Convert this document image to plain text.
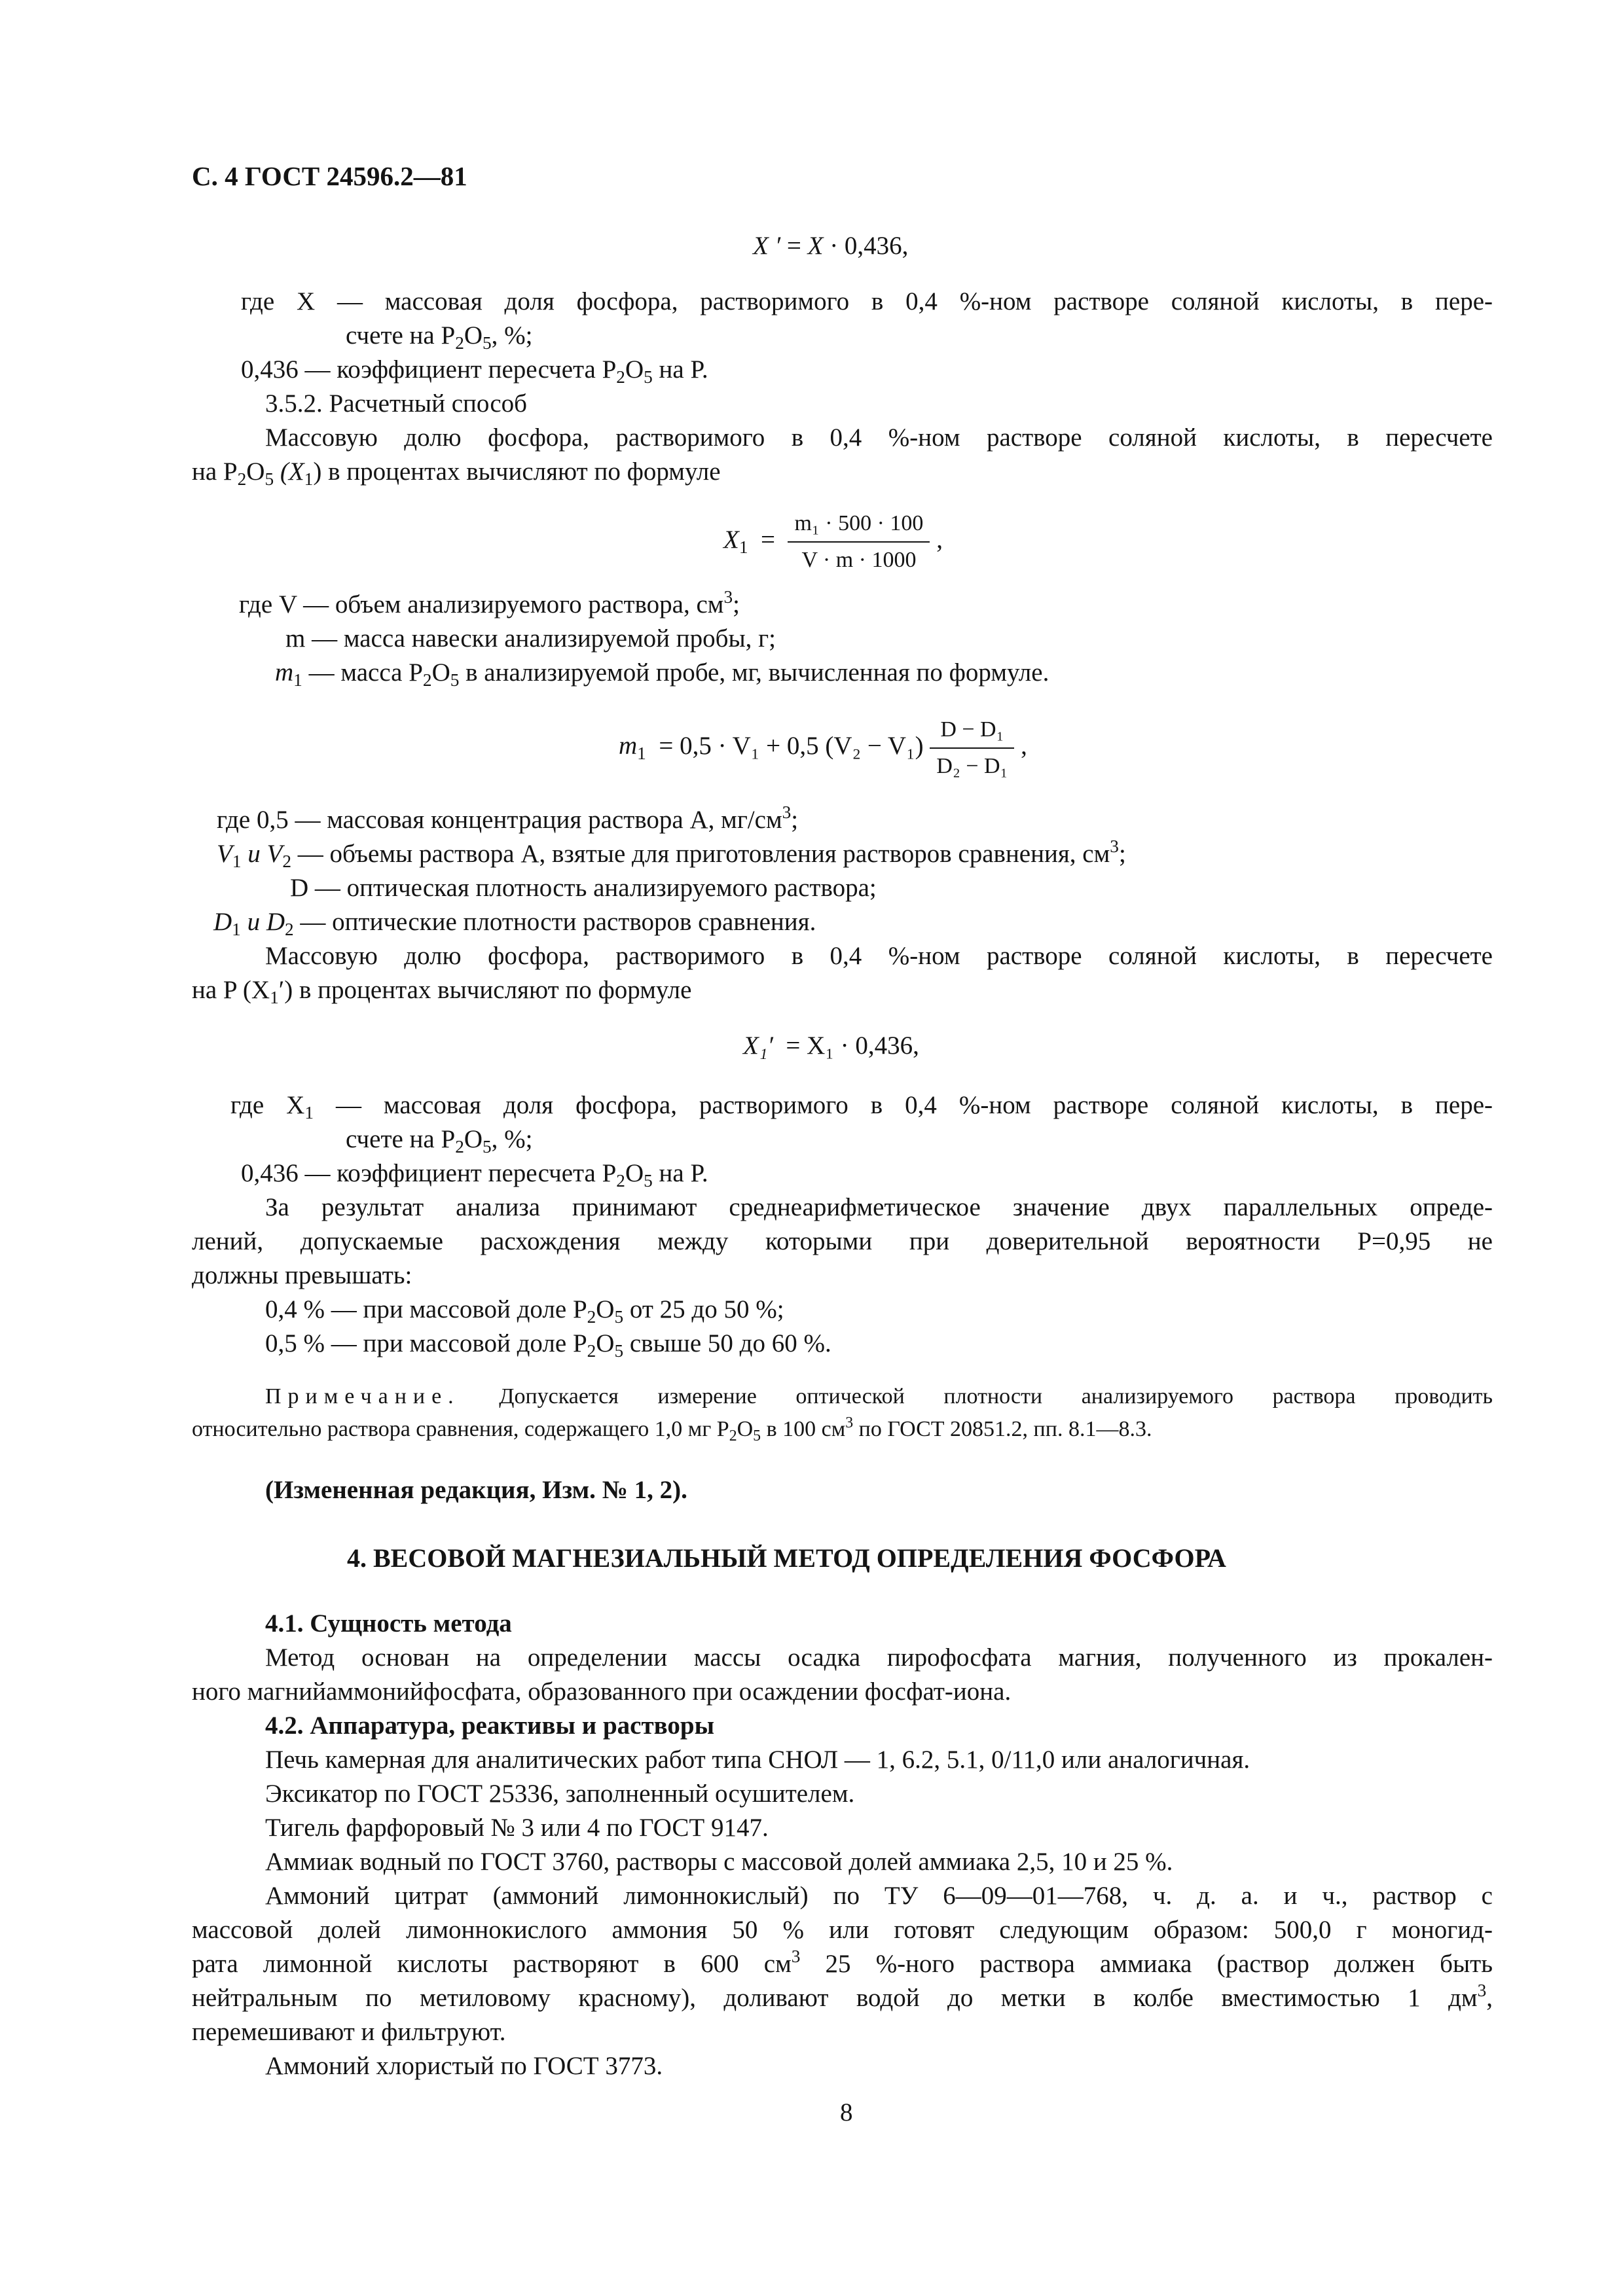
С. 4 ГОСТ 24596.2—81
X ′ = X · 0,436,
где X — массовая доля фосфора, растворимого в 0,4 %-ном растворе соляной кислоты, в пере-
счете на $P_2O_5$, %;
0,436 — коэффициент пересчета $P_2O_5$ на P.
3.5.2. Расчетный способ
Массовую долю фосфора, растворимого в 0,4 %-ном растворе соляной кислоты, в пересчете
на $P_2O_5$ $(X_1)$ в процентах вычисляют по формуле
$X_1 = \frac{\text{m₁ · 500 · 100}}{V \cdot m \cdot 1000}$ ,
где V — объем анализируемого раствора, $см^3$;
m — масса навески анализируемой пробы, г;
$m_1$ — масса $P_2O_5$ в анализируемой пробе, мг, вычисленная по формуле.
$m_1 = 0,5 \cdot V_1 + 0,5$ $(V_2 - V_1) \frac{\text{D − D₁}}{\text{D₂ − D₁}}$ ,
где 0,5 — массовая концентрация раствора А, $мг/см^3$;
$V_1$ и $V_2$ — объемы раствора А, взятые для приготовления растворов сравнения, $см^3$;
D — оптическая плотность анализируемого раствора;
$D_1$ и $D_2$ — оптические плотности растворов сравнения.
Массовую долю фосфора, растворимого в 0,4 %-ном растворе соляной кислоты, в пересчете
на P $(X_1')$ в процентах вычисляют по формуле
X₁′ = X₁ · 0,436,
где $X_1$ — массовая доля фосфора, растворимого в 0,4 %-ном растворе соляной кислоты, в пере-
счете на $P_2O_5$, %;
0,436 — коэффициент пересчета $P_2O_5$ на P.
За результат анализа принимают среднеарифметическое значение двух параллельных опреде-
лений, допускаемые расхождения между которыми при доверительной вероятности P=0,95 не
должны превышать:
0,4 % — при массовой доле $P_2O_5$ от 25 до 50 %;
0,5 % — при массовой доле $P_2O_5$ свыше 50 до 60 %.
Примечание. Допускается измерение оптической плотности анализируемого раствора проводить
относительно раствора сравнения, содержащего 1,0 мг $P_2O_5$ в 100 $см^3$ по ГОСТ 20851.2, пп. 8.1—8.3.
(Измененная редакция, Изм. № 1, 2).
4. ВЕСОВОЙ МАГНЕЗИАЛЬНЫЙ МЕТОД ОПРЕДЕЛЕНИЯ ФОСФОРА
4.1. Сущность метода
Метод основан на определении массы осадка пирофосфата магния, полученного из прокален-
ного магнийаммонийфосфата, образованного при осаждении фосфат-иона.
4.2. Аппаратура, реактивы и растворы
Печь камерная для аналитических работ типа СНОЛ — 1, 6.2, 5.1, 0/11,0 или аналогичная.
Эксикатор по ГОСТ 25336, заполненный осушителем.
Тигель фарфоровый № 3 или 4 по ГОСТ 9147.
Аммиак водный по ГОСТ 3760, растворы с массовой долей аммиака 2,5, 10 и 25 %.
Аммоний цитрат (аммоний лимоннокислый) по ТУ 6—09—01—768, ч. д. а. и ч., раствор с
массовой долей лимоннокислого аммония 50 % или готовят следующим образом: 500,0 г моногид-
рата лимонной кислоты растворяют в 600 $см^3$ 25 %-ного раствора аммиака (раствор должен быть
нейтральным по метиловому красному), доливают водой до метки в колбе вместимостью 1 $дм^3$,
перемешивают и фильтруют.
Аммоний хлористый по ГОСТ 3773.
8
